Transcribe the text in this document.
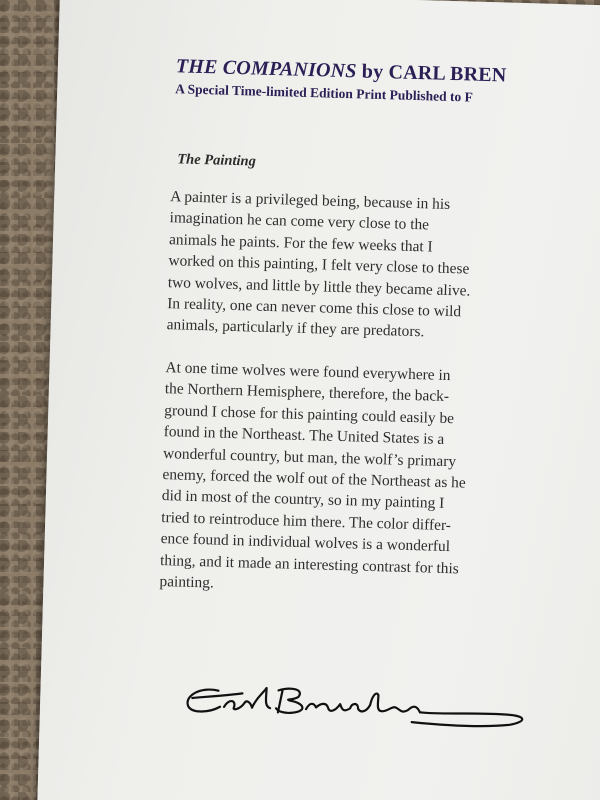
THE COMPANIONS by CARL BREN
A Special Time-limited Edition Print Published to F
The Painting
A painter is a privileged being, because in his
imagination he can come very close to the
animals he paints. For the few weeks that I
worked on this painting, I felt very close to these
two wolves, and little by little they became alive.
In reality, one can never come this close to wild
animals, particularly if they are predators.
At one time wolves were found everywhere in
the Northern Hemisphere, therefore, the back-
ground I chose for this painting could easily be
found in the Northeast. The United States is a
wonderful country, but man, the wolf’s primary
enemy, forced the wolf out of the Northeast as he
did in most of the country, so in my painting I
tried to reintroduce him there. The color differ-
ence found in individual wolves is a wonderful
thing, and it made an interesting contrast for this
painting.
